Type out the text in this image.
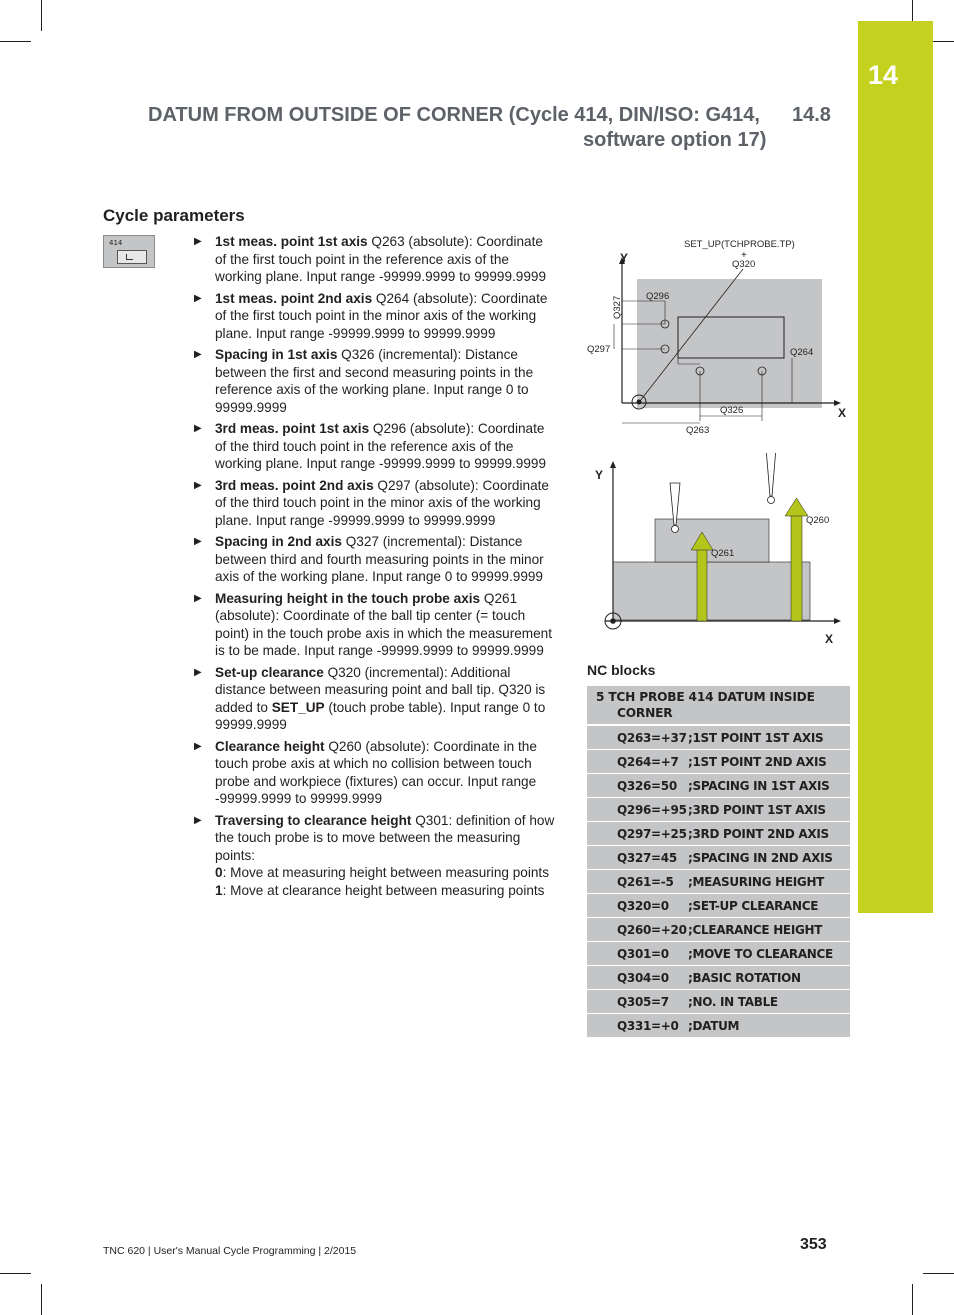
14
DATUM FROM OUTSIDE OF CORNER (Cycle 414, DIN/ISO: G414,
software option 17)
14.8
Cycle parameters
414	▶ 1st meas. point 1st axis Q263 (absolute): Coordinate of the first touch point in the reference axis of the working plane. Input range -99999.9999 to 99999.9999
▶ 1st meas. point 2nd axis Q264 (absolute): Coordinate of the first touch point in the minor axis of the working plane. Input range -99999.9999 to 99999.9999
▶ Spacing in 1st axis Q326 (incremental): Distance between the first and second measuring points in the reference axis of the working plane. Input range 0 to 99999.9999
▶ 3rd meas. point 1st axis Q296 (absolute): Coordinate of the third touch point in the reference axis of the working plane. Input range -99999.9999 to 99999.9999
▶ 3rd meas. point 2nd axis Q297 (absolute): Coordinate of the third touch point in the minor axis of the working plane. Input range -99999.9999 to 99999.9999
▶ Spacing in 2nd axis Q327 (incremental): Distance between third and fourth measuring points in the minor axis of the working plane. Input range 0 to 99999.9999
▶ Measuring height in the touch probe axis Q261 (absolute): Coordinate of the ball tip center (= touch point) in the touch probe axis in which the measurement is to be made. Input range -99999.9999 to 99999.9999
▶ Set-up clearance Q320 (incremental): Additional distance between measuring point and ball tip. Q320 is added to SET_UP (touch probe table). Input range 0 to 99999.9999
▶ Clearance height Q260 (absolute): Coordinate in the touch probe axis at which no collision between touch probe and workpiece (fixtures) can occur. Input range -99999.9999 to 99999.9999
▶ Traversing to clearance height Q301: definition of how the touch probe is to move between the measuring points:
0: Move at measuring height between measuring points
1: Move at clearance height between measuring points
Y
X
SET_UP(TCHPROBE.TP)
+
Q320
Q296
Q327
Q297	Q264
Q326
Q263
Y
X
Q260
Q261
NC blocks
5 TCH PROBE 414 DATUM INSIDE
CORNER
Q263=+37 ;1ST POINT 1ST AXIS
Q264=+7 ;1ST POINT 2ND AXIS
Q326=50 ;SPACING IN 1ST AXIS
Q296=+95 ;3RD POINT 1ST AXIS
Q297=+25 ;3RD POINT 2ND AXIS
Q327=45 ;SPACING IN 2ND AXIS
Q261=-5	;MEASURING HEIGHT
Q320=0	;SET-UP CLEARANCE
Q260=+20 ;CLEARANCE HEIGHT
Q301=0	;MOVE TO CLEARANCE
Q304=0	;BASIC ROTATION
Q305=7	;NO. IN TABLE
Q331=+0 ;DATUM
TNC 620 | User's Manual Cycle Programming | 2/2015	353
